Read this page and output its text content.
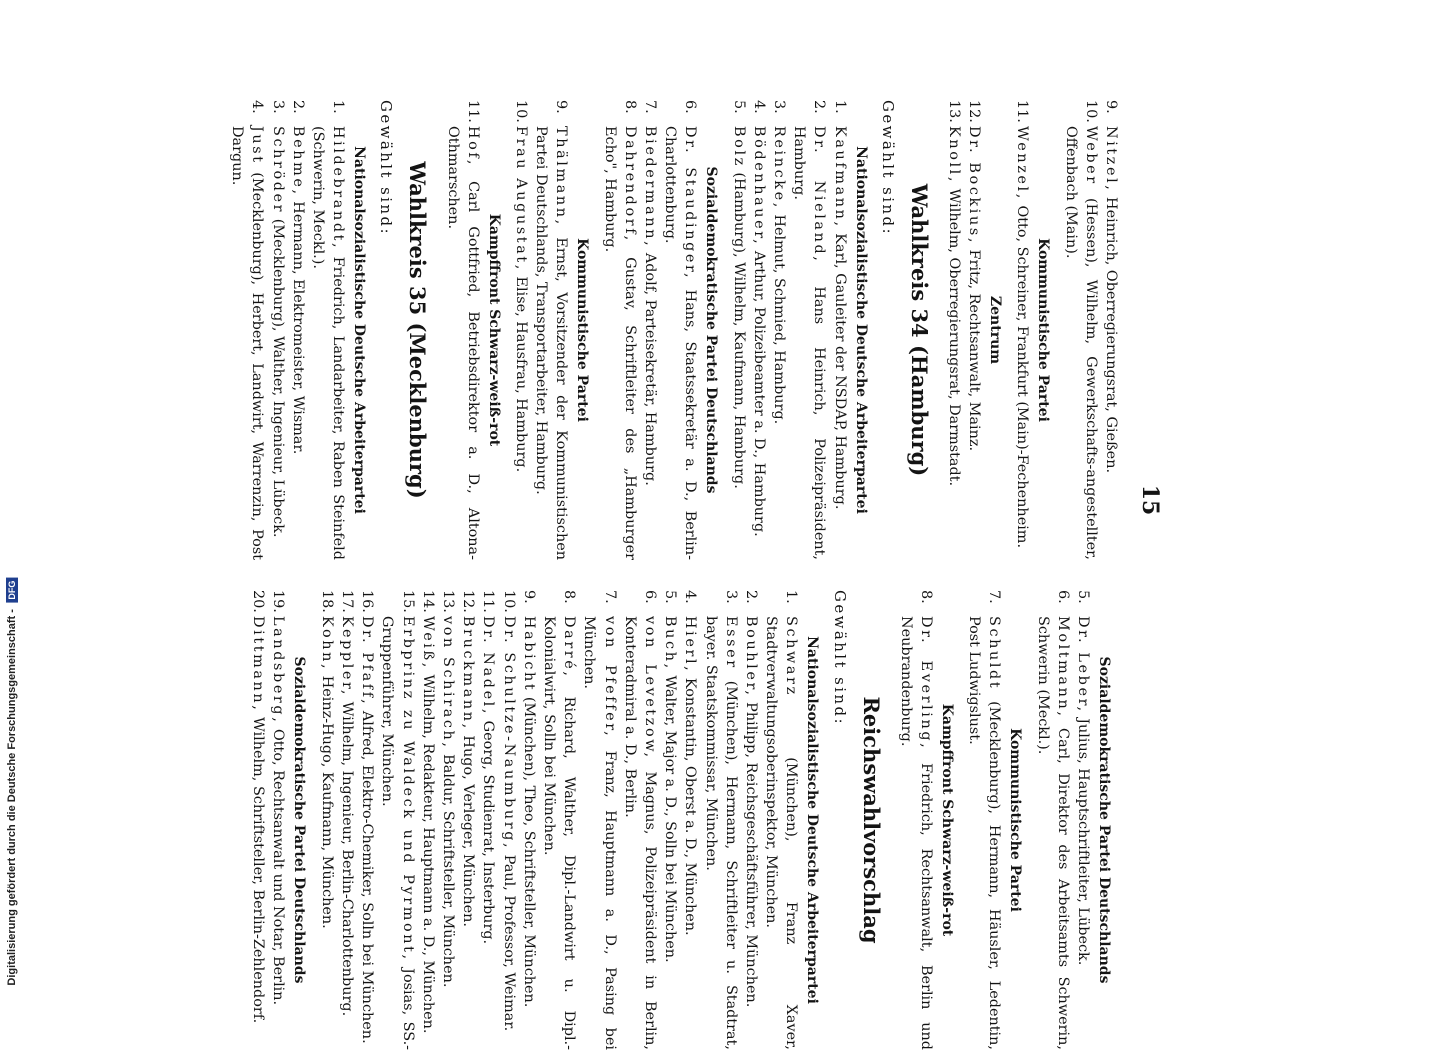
15

9.Nitzel, Heinrich, Oberregierungsrat, Gießen.

10.Weber (Hessen), Wilhelm, Gewerkschafts-angestellter, Offenbach (Main).

Kommunistische Partei

11.Wenzel, Otto, Schreiner, Frankfurt (Main)-Fechenheim.

Zentrum

12.Dr. Bockius, Fritz, Rechtsanwalt, Mainz.

13.Knoll, Wilhelm, Oberregierungsrat, Darmstadt.

Wahlkreis 34 (Hamburg)
Gewählt sind:
Nationalsozialistische Deutsche Arbeiterpartei

1.Kaufmann, Karl, Gauleiter der NSDAP, Hamburg.

2.Dr. Nieland, Hans Heinrich, Polizeipräsident, Hamburg.

3.Reincke, Helmut, Schmied, Hamburg.

4.Bödenhauer, Arthur, Polizeibeamter a. D., Hamburg.

5.Bolz (Hamburg), Wilhelm, Kaufmann, Hamburg.

Sozialdemokratische Partei Deutschlands

6.Dr. Staudinger, Hans, Staatssekretär a. D., Berlin-Charlottenburg.

7.Biedermann, Adolf, Parteisekretär, Hamburg.

8.Dahrendorf, Gustav, Schriftleiter des „Hamburger Echo", Hamburg.

Kommunistische Partei

9.Thälmann, Ernst, Vorsitzender der Kommunistischen Partei Deutschlands, Transportarbeiter, Hamburg.

10.Frau Augustat, Elise, Hausfrau, Hamburg.

Kampffront Schwarz-weiß-rot

11.Hof, Carl Gottfried, Betriebsdirektor a. D., Altona-Othmarschen.

Wahlkreis 35 (Mecklenburg)
Gewählt sind:
Nationalsozialistische Deutsche Arbeiterpartei

1.Hildebrandt, Friedrich, Landarbeiter, Raben Steinfeld (Schwerin, Meckl.).

2.Behme, Hermann, Elektromeister, Wismar.

3.Schröder (Mecklenburg), Walther, Ingenieur, Lübeck.

4.Just (Mecklenburg), Herbert, Landwirt, Warrenzin, Post Dargun.

Sozialdemokratische Partei Deutschlands

5.Dr. Leber, Julius, Hauptschriftleiter, Lübeck.

6.Moltmann, Carl, Direktor des Arbeitsamts Schwerin, Schwerin (Meckl.).

Kommunistische Partei

7.Schuldt (Mecklenburg), Hermann, Häusler, Ledentin, Post Ludwigslust.

Kampffront Schwarz-weiß-rot

8.Dr. Everling, Friedrich, Rechtsanwalt, Berlin und Neubrandenburg.

Reichswahlvorschlag
Gewählt sind:
Nationalsozialistische Deutsche Arbeiterpartei

1.Schwarz (München), Franz Xaver, Stadtverwaltungsoberinspektor, München.

2.Bouhler, Philipp, Reichsgeschäftsführer, München.

3.Esser (München), Hermann, Schriftleiter u. Stadtrat, bayer. Staatskommissar, München.

4.Hierl, Konstantin, Oberst a. D., München.

5.Buch, Walter, Major a. D., Solln bei München.

6.von Levetzow, Magnus, Polizeipräsident in Berlin, Konteradmiral a. D., Berlin.

7.von Pfeffer, Franz, Hauptmann a. D., Pasing bei München.

8.Darré, Richard, Walther, Dipl.-Landwirt u. Dipl.-Kolonialwirt, Solln bei München.

9.Habicht (München), Theo, Schriftsteller, München.

10.Dr. Schultze-Naumburg, Paul, Professor, Weimar.

11.Dr. Nadel, Georg, Studienrat, Insterburg.

12.Bruckmann, Hugo, Verleger, München.

13.von Schirach, Baldur, Schriftsteller, München.

14.Weiß, Wilhelm, Redakteur, Hauptmann a. D., München.

15.Erbprinz zu Waldeck und Pyrmont, Josias, SS.-Gruppenführer, München.

16.Dr. Pfaff, Alfred, Elektro-Chemiker, Solln bei München.

17.Keppler, Wilhelm, Ingenieur, Berlin-Charlottenburg.

18.Kohn, Heinz-Hugo, Kaufmann, München.

Sozialdemokratische Partei Deutschlands

19.Landsberg, Otto, Rechtsanwalt und Notar, Berlin.

20.Dittmann, Wilhelm, Schriftsteller, Berlin-Zehlendorf.

Digitalisierung gefördert durch die Deutsche Forschungsgemeinschaft - DFG
